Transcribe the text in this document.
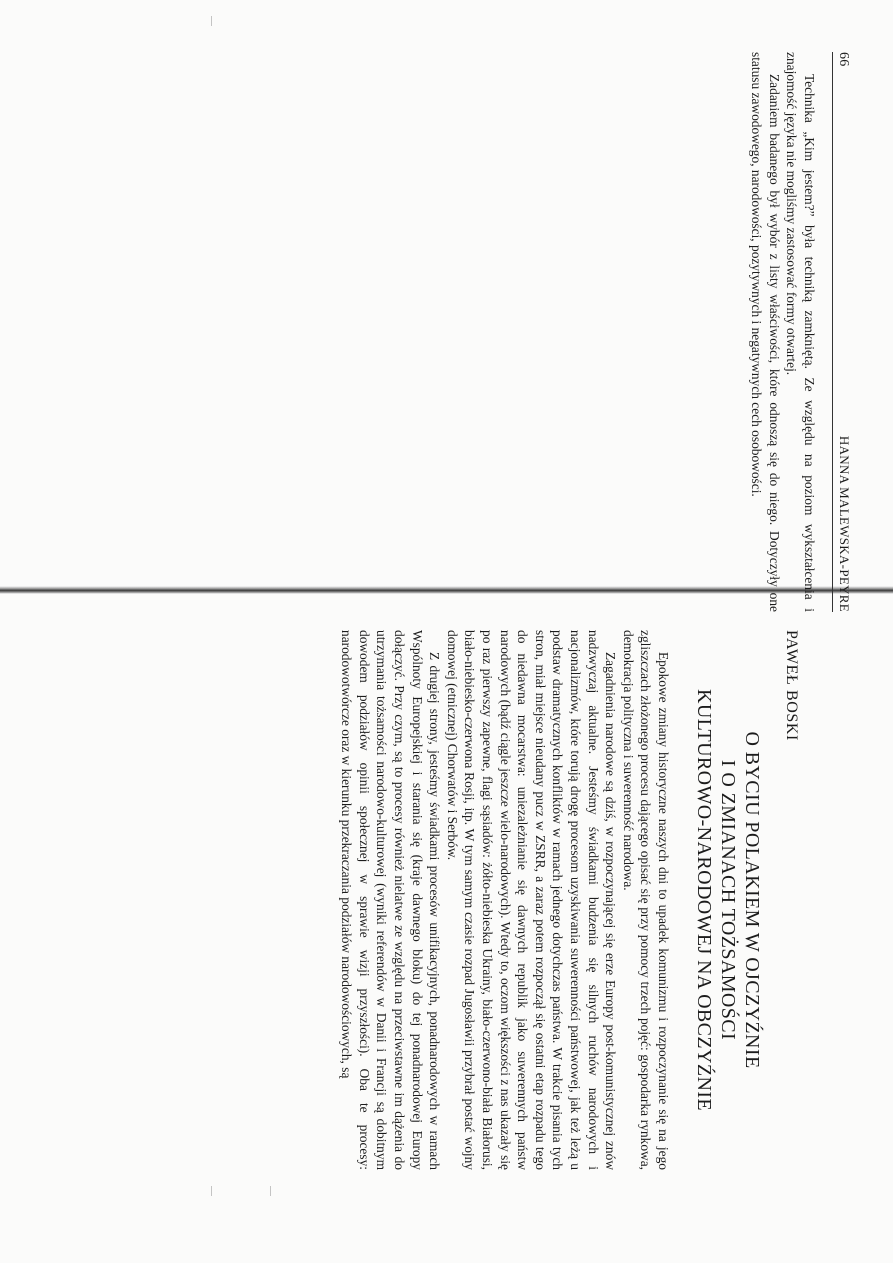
66
HANNA MALEWSKA-PEYRE

Technika „Kim jestem?” była techniką zamkniętą. Ze względu na poziom wykształcenia i znajomość języka nie mogliśmy zastosować formy otwartej.

Zadaniem badanego był wybór z listy właściwości, które odnoszą się do niego. Dotyczyły one statusu zawodowego, narodowości, pozytywnych i negatywnych cech osobowości.

PAWEŁ BOSKI
O BYCIU POLAKIEM W OJCZYŹNIE
I O ZMIANACH TOŻSAMOŚCI
KULTUROWO-NARODOWEJ NA OBCZYŹNIE

Epokowe zmiany historyczne naszych dni to upadek komunizmu i rozpoczynanie się na jego zgliszczach złożonego procesu dającego opisać się przy pomocy trzech pojęć: gospodarka rynkowa, demokracja polityczna i suwerenność narodowa.

Zagadnienia narodowe są dziś, w rozpoczynającej się erze Europy post-komunistycznej znów nadzwyczaj aktualne. Jesteśmy świadkami budzenia się silnych ruchów narodowych i nacjonalizmów, które torują drogę procesom uzyskiwania suwerenności państwowej, jak też leżą u podstaw dramatycznych konfliktów w ramach jednego dotychczas państwa. W trakcie pisania tych stron, miał miejsce nieudany pucz w ZSRR, a zaraz potem rozpoczął się ostatni etap rozpadu tego do niedawna mocarstwa: uniezależnianie się dawnych republik jako suwerennych państw narodowych (bądź ciągle jeszcze wielo-narodowych). Wtedy to, oczom większości z nas ukazały się po raz pierwszy zapewne, flagi sąsiadów: żółto-niebieska Ukrainy, biało-czerwono-biała Białorusi, biało-niebiesko-czerwona Rosji, itp. W tym samym czasie rozpad Jugosławii przybrał postać wojny domowej (etnicznej) Chorwatów i Serbów.

Z drugiej strony, jesteśmy świadkami procesów unifikacyjnych, ponadnarodowych w ramach Wspólnoty Europejskiej i starania się (kraje dawnego bloku) do tej ponadnarodowej Europy dołączyć. Przy czym, są to procesy również nielatwe ze względu na przeciwstawne im dążenia do utrzymania tożsamości narodowo-kulturowej (wyniki referendów w Danii i Francji są dobitnym dowodem podziałów opinii społecznej w sprawie wizji przyszłości). Oba te procesy: narodowotwórcze oraz w kierunku przekraczania podziałów narodowościowych, są
